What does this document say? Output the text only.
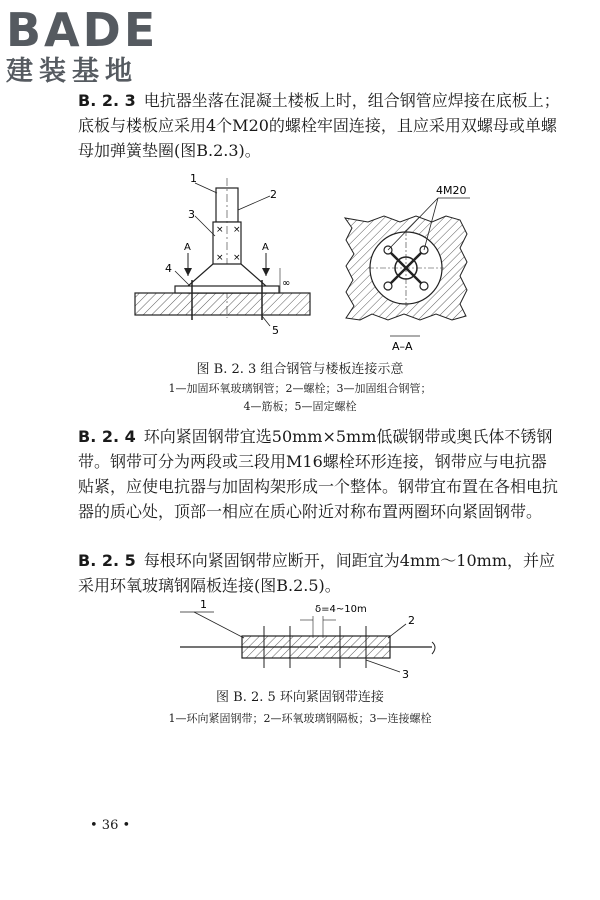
BADE
建装基地
B. 2. 3 电抗器坐落在混凝土楼板上时，组合钢管应焊接在底板上；底板与楼板应采用4个M20的螺栓牢固连接，且应采用双螺母或单螺母加弹簧垫圈(图B.2.3)。
× ×
× ×
1
2
3
4
5
A	A
∞
4M20
A–A
图 B. 2. 3 组合钢管与楼板连接示意
1—加固环氧玻璃钢管；2—螺栓；3—加固组合钢管；
4—筋板；5—固定螺栓
B. 2. 4 环向紧固钢带宜选50mm×5mm低碳钢带或奥氏体不锈钢带。钢带可分为两段或三段用M16螺栓环形连接，钢带应与电抗器贴紧，应使电抗器与加固构架形成一个整体。钢带宜布置在各相电抗器的质心处，顶部一相应在质心附近对称布置两圈环向紧固钢带。
B. 2. 5 每根环向紧固钢带应断开，间距宜为4mm～10mm，并应采用环氧玻璃钢隔板连接(图B.2.5)。
δ=4~10m
1
2
3
图 B. 2. 5 环向紧固钢带连接
1—环向紧固钢带；2—环氧玻璃钢隔板；3—连接螺栓
• 36 •
